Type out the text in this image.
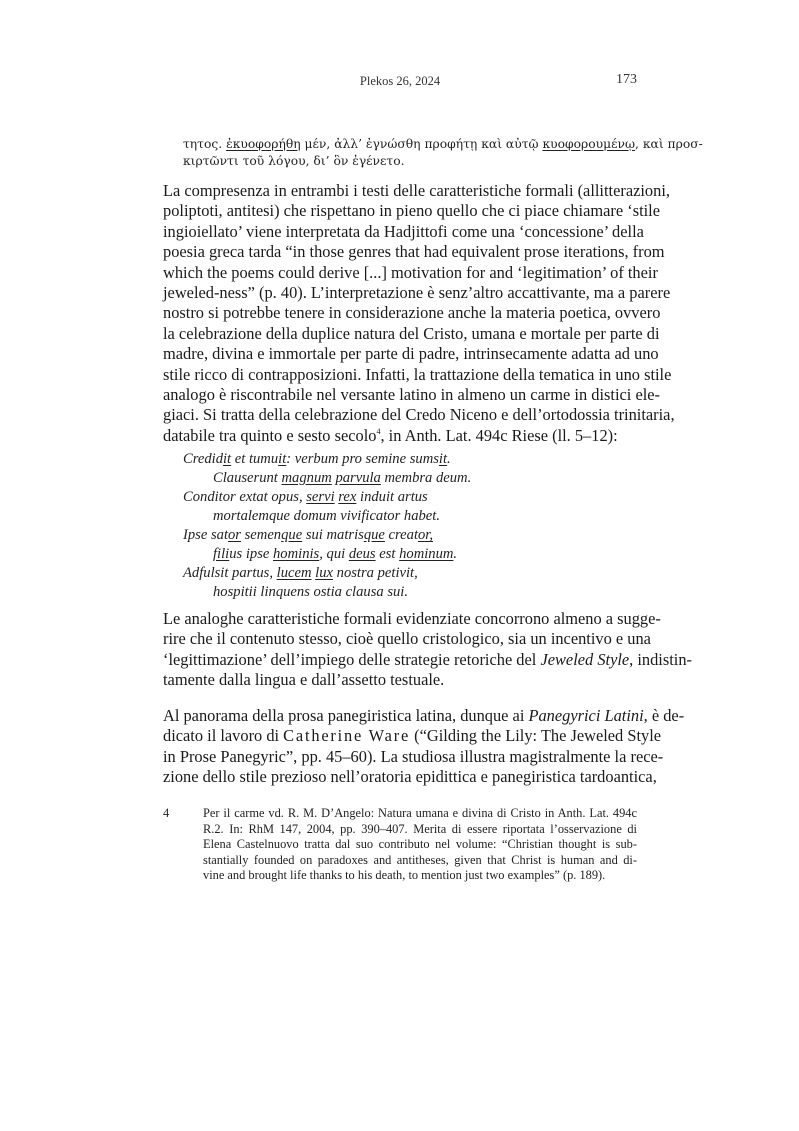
Plekos 26, 2024	173
τητος. ἐκυοφορήθη μέν, ἀλλ’ ἐγνώσθη προφήτῃ καὶ αὐτῷ κυοφορουμένῳ, καὶ προσ-
κιρτῶντι τοῦ λόγου, δι’ ὃν ἐγένετο.
La compresenza in entrambi i testi delle caratteristiche formali (allitterazioni,
poliptoti, antitesi) che rispettano in pieno quello che ci piace chiamare ‘stile
ingioiellato’ viene interpretata da Hadjittofi come una ‘concessione’ della
poesia greca tarda “in those genres that had equivalent prose iterations, from
which the poems could derive [...] motivation for and ‘legitimation’ of their
jeweled-ness” (p. 40). L’interpretazione è senz’altro accattivante, ma a parere
nostro si potrebbe tenere in considerazione anche la materia poetica, ovvero
la celebrazione della duplice natura del Cristo, umana e mortale per parte di
madre, divina e immortale per parte di padre, intrinsecamente adatta ad uno
stile ricco di contrapposizioni. Infatti, la trattazione della tematica in uno stile
analogo è riscontrabile nel versante latino in almeno un carme in distici ele-
giaci. Si tratta della celebrazione del Credo Niceno e dell’ortodossia trinitaria,
databile tra quinto e sesto secolo$^4$, in Anth. Lat. 494c Riese (ll. 5–12):
Credidit et tumuit: verbum pro semine sumsit.
Clauserunt magnum parvula membra deum.
Conditor extat opus, servi rex induit artus
mortalemque domum vivificator habet.
Ipse sator semenque sui matrisque creator,
filius ipse hominis, qui deus est hominum.
Adfulsit partus, lucem lux nostra petivit,
hospitii linquens ostia clausa sui.
Le analoghe caratteristiche formali evidenziate concorrono almeno a sugge-
rire che il contenuto stesso, cioè quello cristologico, sia un incentivo e una
‘legittimazione’ dell’impiego delle strategie retoriche del Jeweled Style, indistin-
tamente dalla lingua e dall’assetto testuale.
Al panorama della prosa panegiristica latina, dunque ai Panegyrici Latini, è de-
dicato il lavoro di Catherine Ware (“Gilding the Lily: The Jeweled Style
in Prose Panegyric”, pp. 45–60). La studiosa illustra magistralmente la rece-
zione dello stile prezioso nell’oratoria epidittica e panegiristica tardoantica,
4	Per il carme vd. R. M. D’Angelo: Natura umana e divina di Cristo in Anth. Lat. 494c
R.2. In: RhM 147, 2004, pp. 390–407. Merita di essere riportata l’osservazione di
Elena Castelnuovo tratta dal suo contributo nel volume: “Christian thought is sub-
stantially founded on paradoxes and antitheses, given that Christ is human and di-
vine and brought life thanks to his death, to mention just two examples” (p. 189).
